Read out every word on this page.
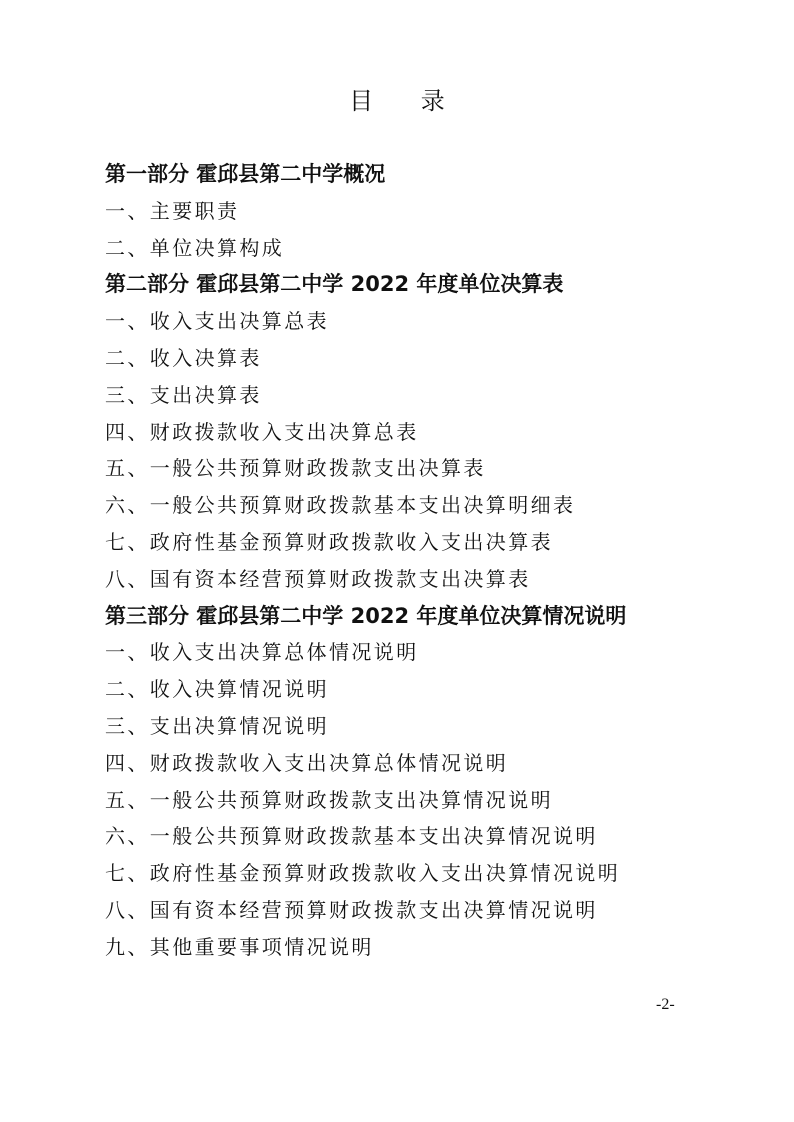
目 录
第一部分 霍邱县第二中学概况
一、主要职责
二、单位决算构成
第二部分 霍邱县第二中学 2022 年度单位决算表
一、收入支出决算总表
二、收入决算表
三、支出决算表
四、财政拨款收入支出决算总表
五、一般公共预算财政拨款支出决算表
六、一般公共预算财政拨款基本支出决算明细表
七、政府性基金预算财政拨款收入支出决算表
八、国有资本经营预算财政拨款支出决算表
第三部分 霍邱县第二中学 2022 年度单位决算情况说明
一、收入支出决算总体情况说明
二、收入决算情况说明
三、支出决算情况说明
四、财政拨款收入支出决算总体情况说明
五、一般公共预算财政拨款支出决算情况说明
六、一般公共预算财政拨款基本支出决算情况说明
七、政府性基金预算财政拨款收入支出决算情况说明
八、国有资本经营预算财政拨款支出决算情况说明
九、其他重要事项情况说明
-2-
